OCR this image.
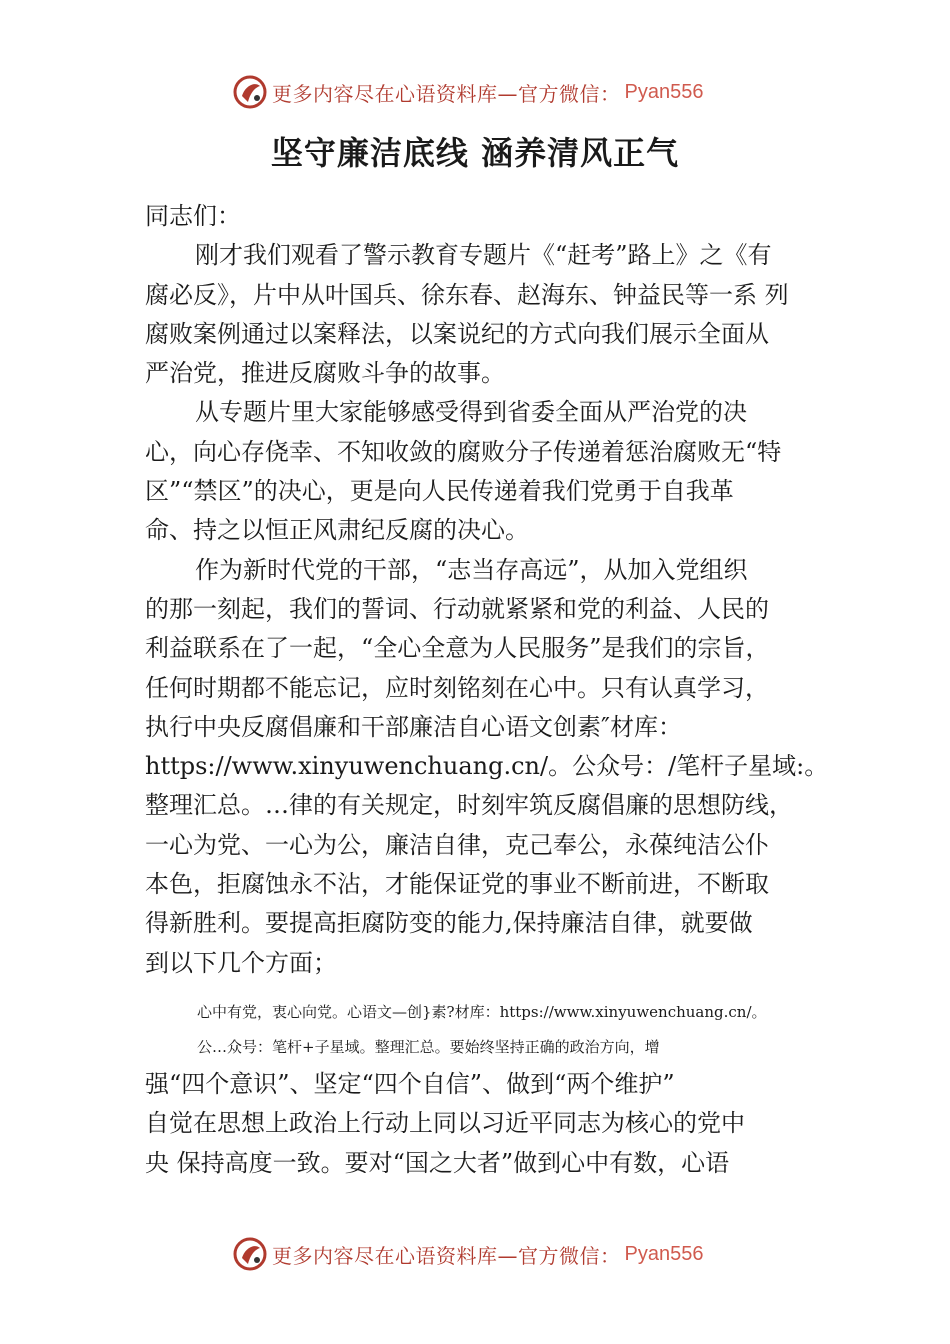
更多内容尽在心语资料库—官方微信： Pyan556
坚守廉洁底线 涵养清风正气
同志们：
刚才我们观看了警示教育专题片《“赶考”路上》之《有
腐必反》，片中从叶国兵、徐东春、赵海东、钟益民等一系 列
腐败案例通过以案释法，以案说纪的方式向我们展示全面从
严治党，推进反腐败斗争的故事。
从专题片里大家能够感受得到省委全面从严治党的决
心，向心存侥幸、不知收敛的腐败分子传递着惩治腐败无“特
区”“禁区”的决心，更是向人民传递着我们党勇于自我革
命、持之以恒正风肃纪反腐的决心。
作为新时代党的干部，“志当存高远”，从加入党组织
的那一刻起，我们的誓词、行动就紧紧和党的利益、人民的
利益联系在了一起，“全心全意为人民服务”是我们的宗旨，
任何时期都不能忘记，应时刻铭刻在心中。只有认真学习，
执行中央反腐倡廉和干部廉洁自心语文创素″材库：
https://www.xinyuwenchuang.cn/。公众号：/笔杆子星域:。
整理汇总。…律的有关规定，时刻牢筑反腐倡廉的思想防线，
一心为党、一心为公，廉洁自律，克己奉公，永葆纯洁公仆
本色，拒腐蚀永不沾，才能保证党的事业不断前进，不断取
得新胜利。要提高拒腐防变的能力,保持廉洁自律，就要做
到以下几个方面；
心中有党，衷心向党。心语文—创}素?材库：https://www.xinyuwenchuang.cn/。
公…众号：笔杆+子星域。整理汇总。要始终坚持正确的政治方向，增
强“四个意识”、坚定“四个自信”、做到“两个维护”
自觉在思想上政治上行动上同以习近平同志为核心的党中
央 保持高度一致。要对“国之大者”做到心中有数，心语
更多内容尽在心语资料库—官方微信： Pyan556
